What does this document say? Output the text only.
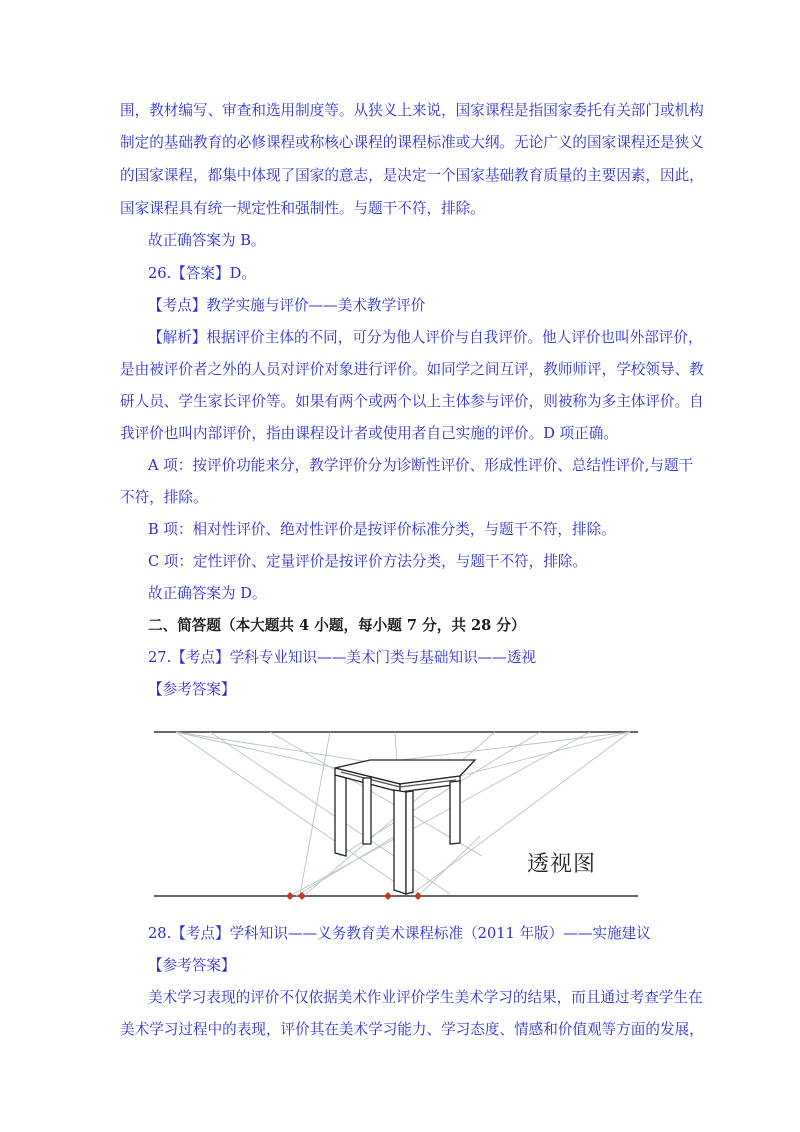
围，教材编写、审查和选用制度等。从狭义上来说，国家课程是指国家委托有关部门或机构
制定的基础教育的必修课程或称核心课程的课程标准或大纲。无论广义的国家课程还是狭义
的国家课程，都集中体现了国家的意志，是决定一个国家基础教育质量的主要因素，因此，
国家课程具有统一规定性和强制性。与题干不符，排除。
故正确答案为 B。
26.【答案】D。
【考点】教学实施与评价——美术教学评价
【解析】根据评价主体的不同，可分为他人评价与自我评价。他人评价也叫外部评价，
是由被评价者之外的人员对评价对象进行评价。如同学之间互评，教师师评，学校领导、教
研人员、学生家长评价等。如果有两个或两个以上主体参与评价，则被称为多主体评价。自
我评价也叫内部评价，指由课程设计者或使用者自己实施的评价。D 项正确。
A 项：按评价功能来分，教学评价分为诊断性评价、形成性评价、总结性评价,与题干
不符，排除。
B 项：相对性评价、绝对性评价是按评价标准分类，与题干不符，排除。
C 项：定性评价、定量评价是按评价方法分类，与题干不符，排除。
故正确答案为 D。
二、简答题（本大题共 4 小题，每小题 7 分，共 28 分）
27.【考点】学科专业知识——美术门类与基础知识——透视
【参考答案】
透视图
28.【考点】学科知识——义务教育美术课程标准（2011 年版）——实施建议
【参考答案】
美术学习表现的评价不仅依据美术作业评价学生美术学习的结果，而且通过考查学生在
美术学习过程中的表现，评价其在美术学习能力、学习态度、情感和价值观等方面的发展，
